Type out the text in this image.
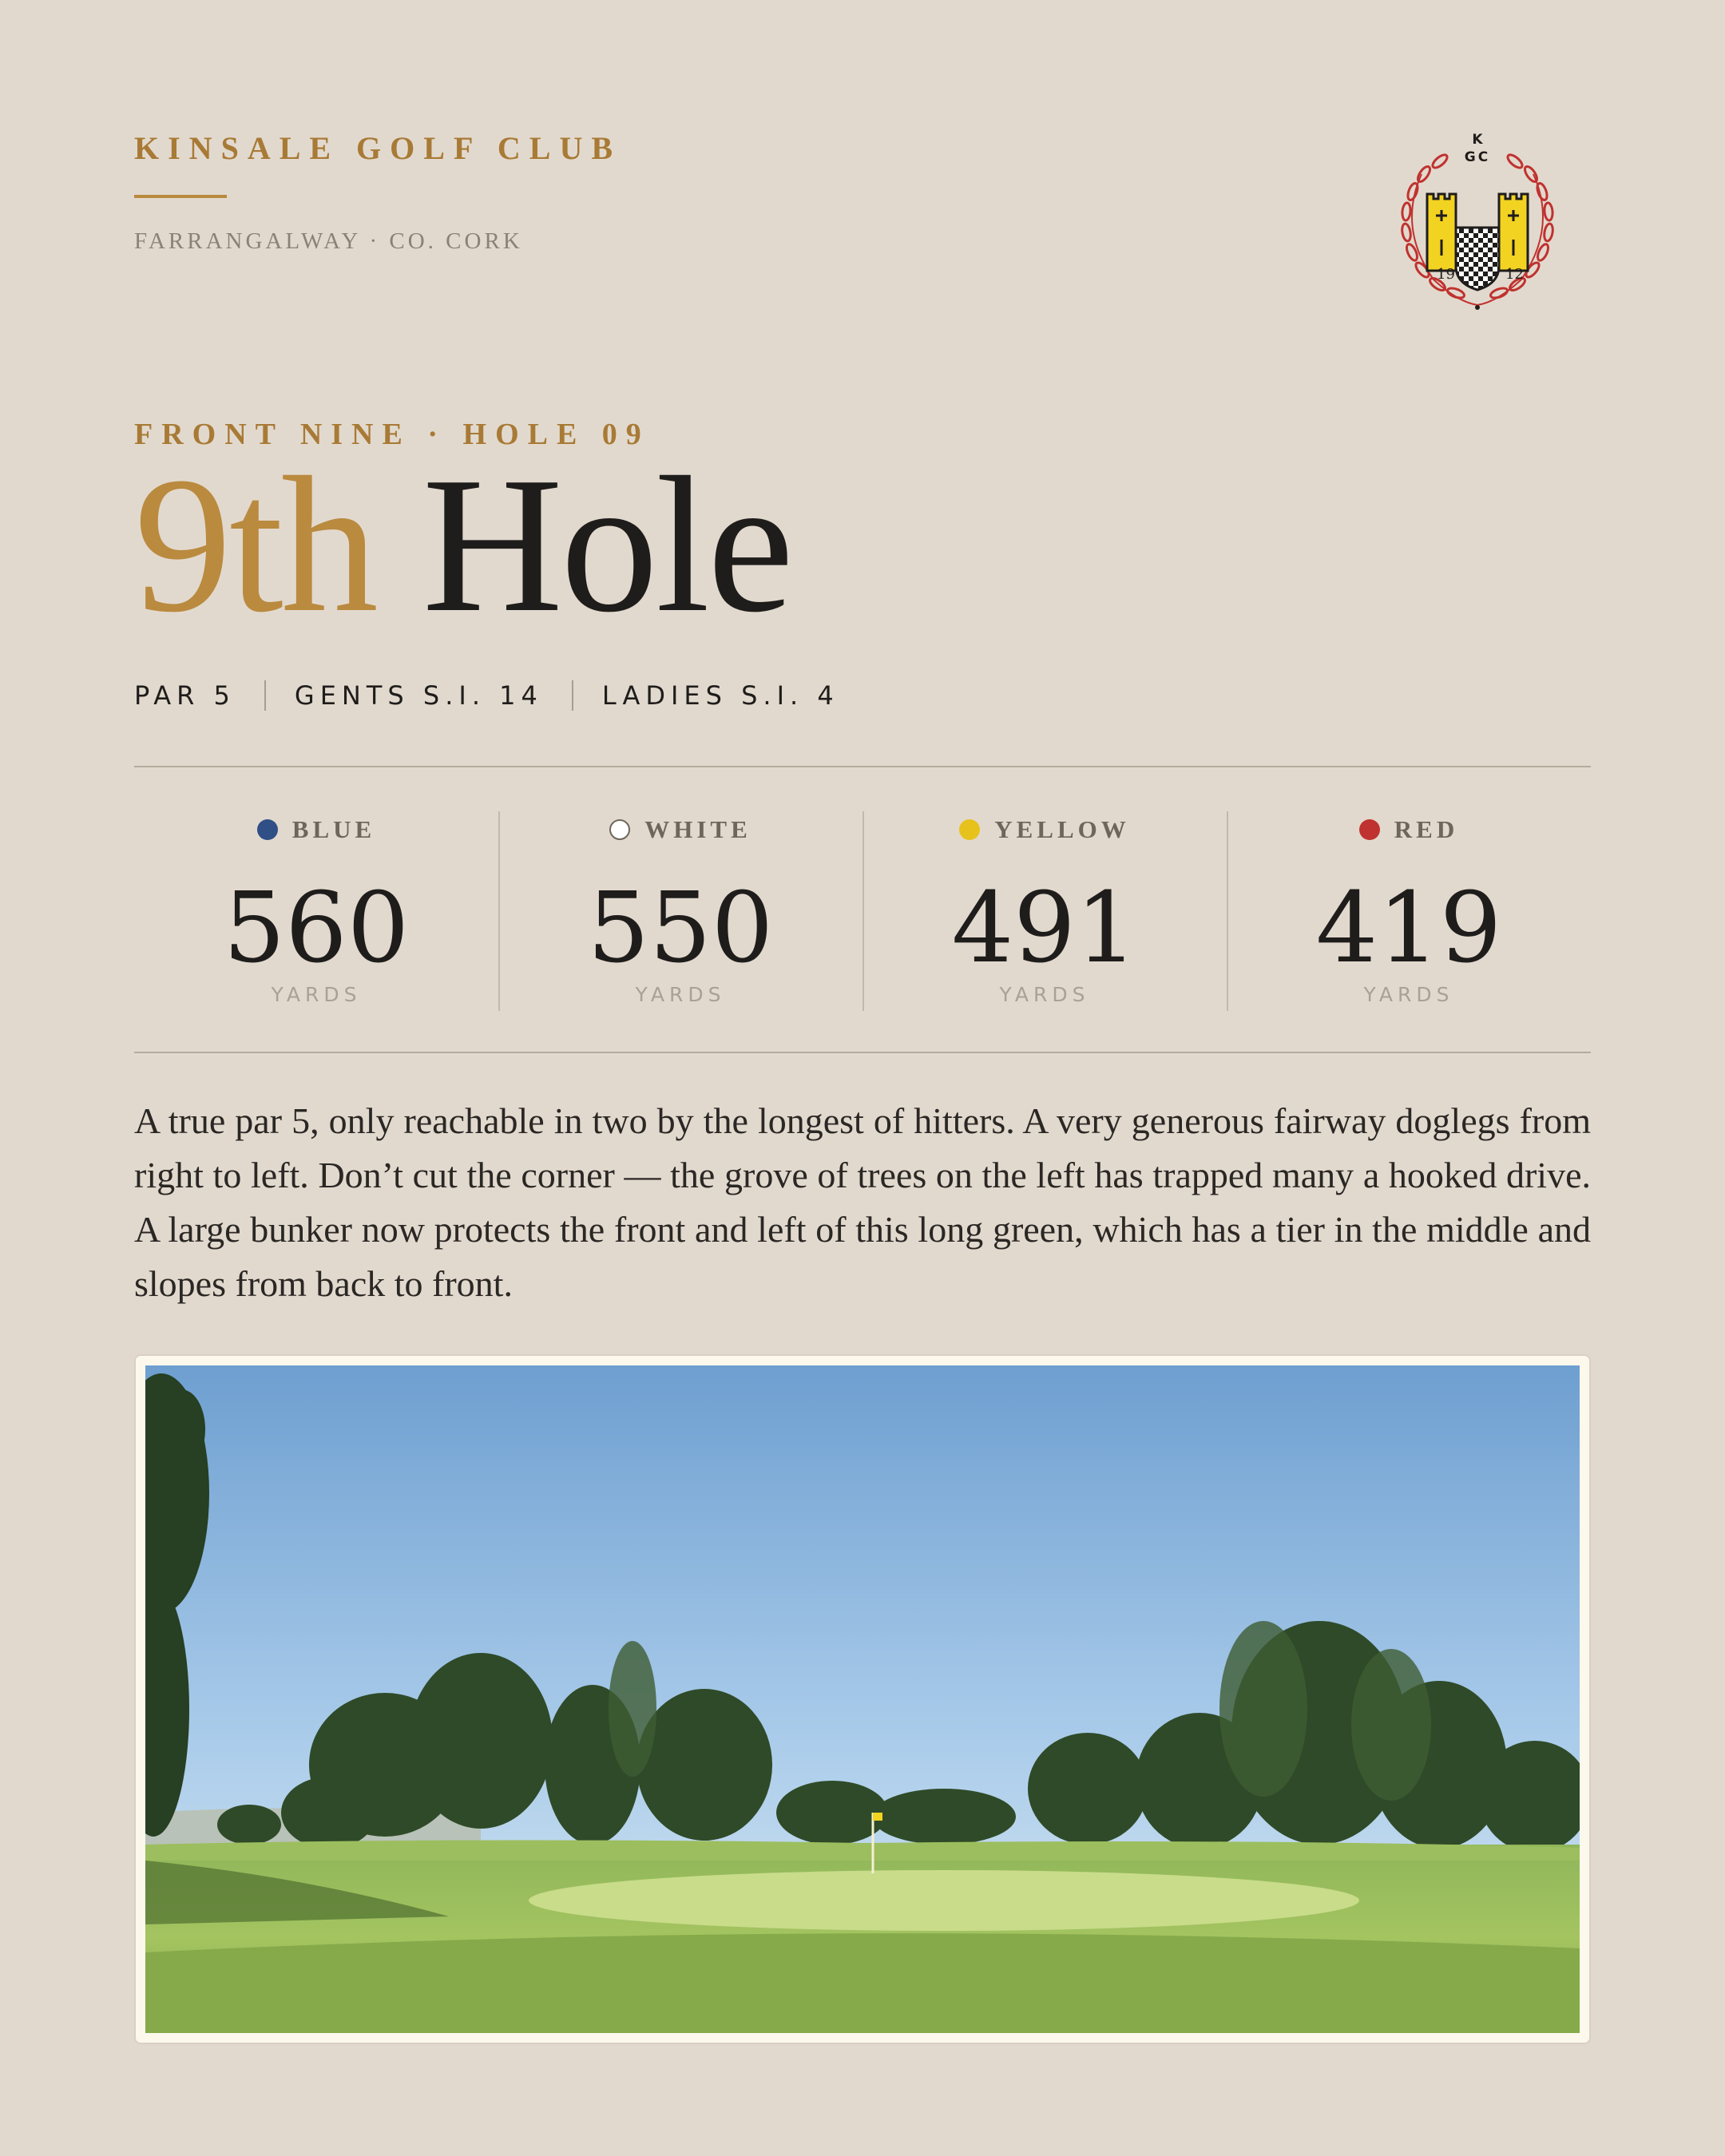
KINSALE GOLF CLUB
FARRANGALWAY · CO. CORK
K
GC
19	12
FRONT NINE · HOLE 09
9th Hole
PAR 5 GENTS S.I. 14 LADIES S.I. 4
BLUE
560
YARDS
WHITE
550
YARDS
YELLOW
491
YARDS
RED
419
YARDS

A true par 5, only reachable in two by the longest of hitters. A very generous fairway doglegs from right to left. Don’t cut the corner — the grove of trees on the left has trapped many a hooked drive. A large bunker now protects the front and left of this long green, which has a tier in the middle and slopes from back to front.
